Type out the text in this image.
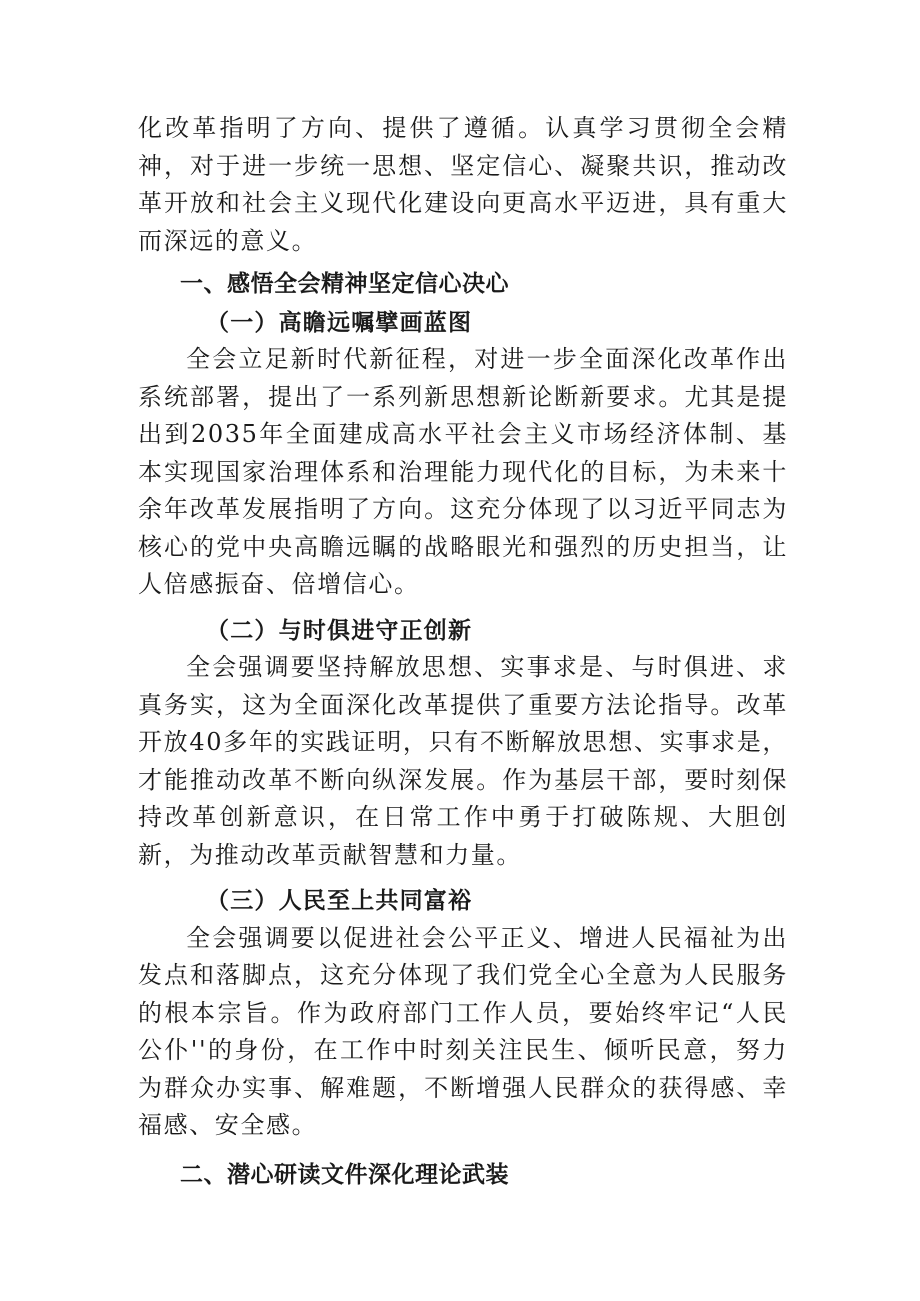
化改革指明了方向、提供了遵循。认真学习贯彻全会精神，对于进一步统一思想、坚定信心、凝聚共识，推动改革开放和社会主义现代化建设向更高水平迈进，具有重大而深远的意义。

一、感悟全会精神坚定信心决心
（一）高瞻远嘱擘画蓝图

全会立足新时代新征程，对进一步全面深化改革作出系统部署，提出了一系列新思想新论断新要求。尤其是提出到2035年全面建成高水平社会主义市场经济体制、基本实现国家治理体系和治理能力现代化的目标，为未来十余年改革发展指明了方向。这充分体现了以习近平同志为核心的党中央高瞻远瞩的战略眼光和强烈的历史担当，让人倍感振奋、倍增信心。

（二）与时俱进守正创新

全会强调要坚持解放思想、实事求是、与时俱进、求真务实，这为全面深化改革提供了重要方法论指导。改革开放40多年的实践证明，只有不断解放思想、实事求是，才能推动改革不断向纵深发展。作为基层干部，要时刻保持改革创新意识，在日常工作中勇于打破陈规、大胆创新，为推动改革贡献智慧和力量。

（三）人民至上共同富裕

全会强调要以促进社会公平正义、增进人民福祉为出发点和落脚点，这充分体现了我们党全心全意为人民服务的根本宗旨。作为政府部门工作人员，要始终牢记“人民公仆''的身份，在工作中时刻关注民生、倾听民意，努力为群众办实事、解难题，不断增强人民群众的获得感、幸福感、安全感。

二、潜心研读文件深化理论武装
